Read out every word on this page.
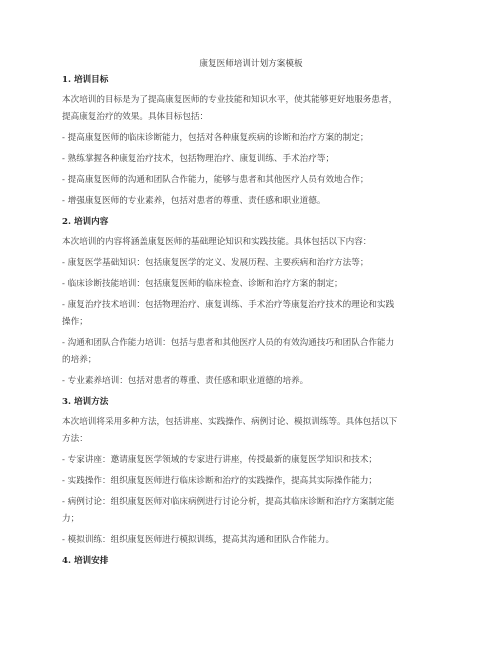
康复医师培训计划方案模板

1. 培训目标

本次培训的目标是为了提高康复医师的专业技能和知识水平，使其能够更好地服务患者，

提高康复治疗的效果。具体目标包括：

- 提高康复医师的临床诊断能力，包括对各种康复疾病的诊断和治疗方案的制定；

- 熟练掌握各种康复治疗技术，包括物理治疗、康复训练、手术治疗等；

- 提高康复医师的沟通和团队合作能力，能够与患者和其他医疗人员有效地合作；

- 增强康复医师的专业素养，包括对患者的尊重、责任感和职业道德。

2. 培训内容

本次培训的内容将涵盖康复医师的基础理论知识和实践技能。具体包括以下内容：

- 康复医学基础知识：包括康复医学的定义、发展历程、主要疾病和治疗方法等；

- 临床诊断技能培训：包括康复医师的临床检查、诊断和治疗方案的制定；

- 康复治疗技术培训：包括物理治疗、康复训练、手术治疗等康复治疗技术的理论和实践

操作；

- 沟通和团队合作能力培训：包括与患者和其他医疗人员的有效沟通技巧和团队合作能力

的培养；

- 专业素养培训：包括对患者的尊重、责任感和职业道德的培养。

3. 培训方法

本次培训将采用多种方法，包括讲座、实践操作、病例讨论、模拟训练等。具体包括以下

方法：

- 专家讲座：邀请康复医学领域的专家进行讲座，传授最新的康复医学知识和技术；

- 实践操作：组织康复医师进行临床诊断和治疗的实践操作，提高其实际操作能力；

- 病例讨论：组织康复医师对临床病例进行讨论分析，提高其临床诊断和治疗方案制定能

力；

- 模拟训练：组织康复医师进行模拟训练，提高其沟通和团队合作能力。

4. 培训安排
